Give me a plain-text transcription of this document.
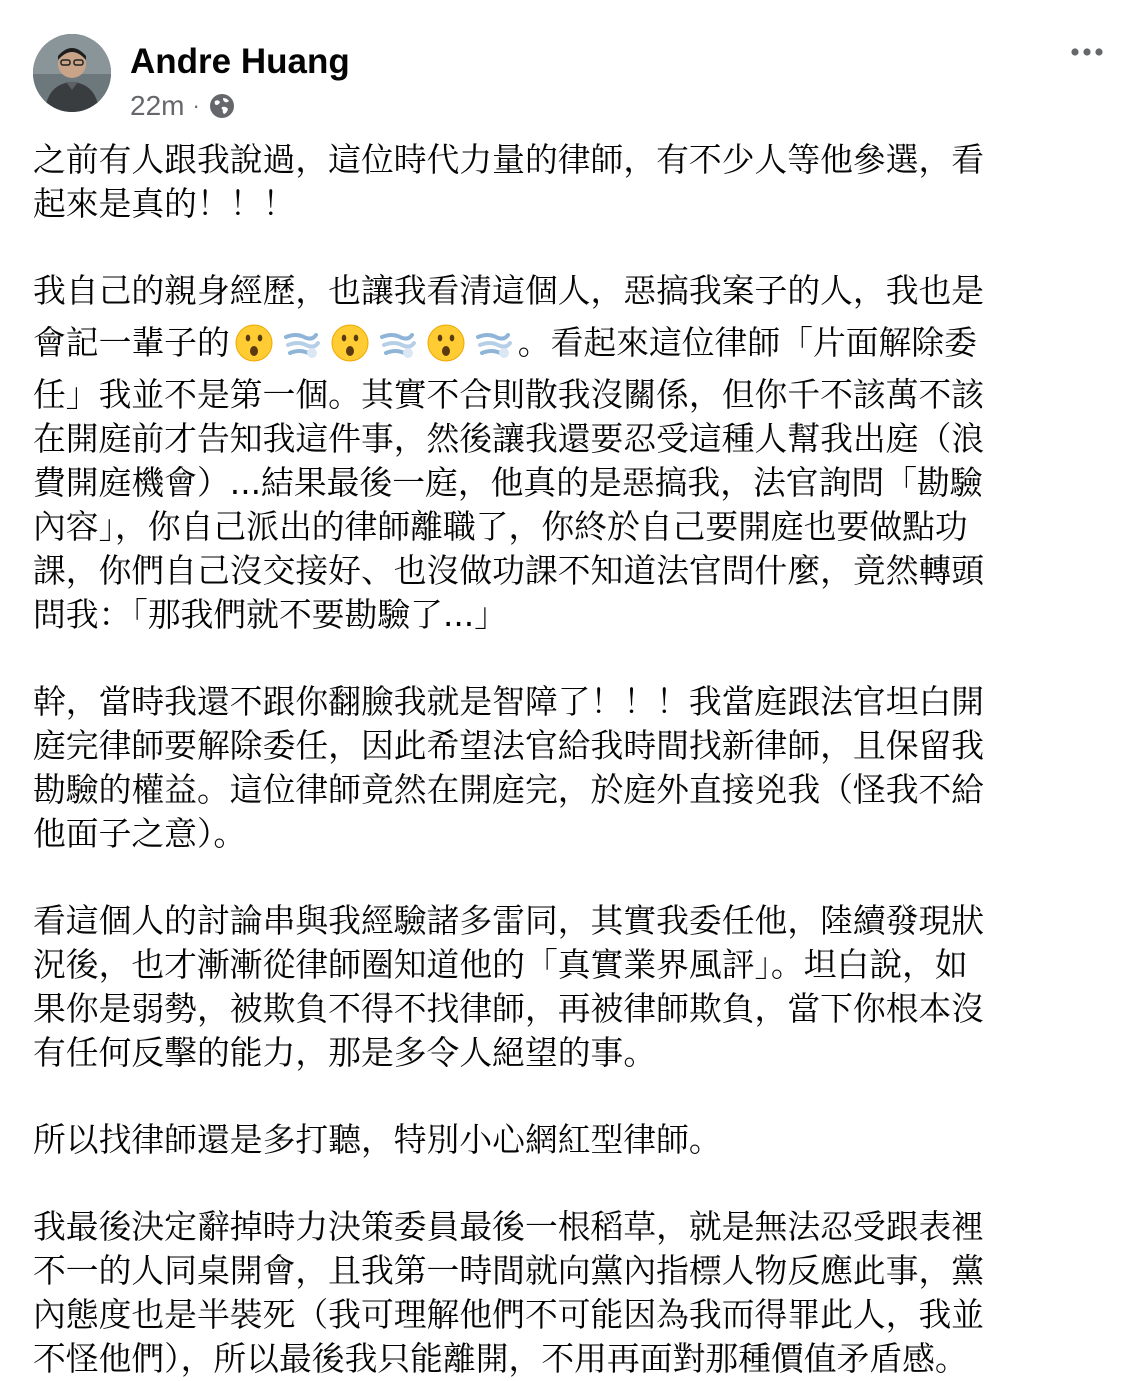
Andre Huang
22m ·
之前有人跟我說過，這位時代力量的律師，有不少人等他參選，看
起來是真的！！！
我自己的親身經歷，也讓我看清這個人，惡搞我案子的人，我也是
會記一輩子的	。看起來這位律師「片面解除委
任」我並不是第一個。其實不合則散我沒關係，但你千不該萬不該
在開庭前才告知我這件事，然後讓我還要忍受這種人幫我出庭（浪
費開庭機會）...結果最後一庭，他真的是惡搞我，法官詢問「勘驗
內容」，你自己派出的律師離職了，你終於自己要開庭也要做點功
課，你們自己沒交接好、也沒做功課不知道法官問什麼，竟然轉頭
問我：「那我們就不要勘驗了...」
幹，當時我還不跟你翻臉我就是智障了！！！我當庭跟法官坦白開
庭完律師要解除委任，因此希望法官給我時間找新律師，且保留我
勘驗的權益。這位律師竟然在開庭完，於庭外直接兇我（怪我不給
他面子之意）。
看這個人的討論串與我經驗諸多雷同，其實我委任他，陸續發現狀
況後，也才漸漸從律師圈知道他的「真實業界風評」。坦白說，如
果你是弱勢，被欺負不得不找律師，再被律師欺負，當下你根本沒
有任何反擊的能力，那是多令人絕望的事。
所以找律師還是多打聽，特別小心網紅型律師。
我最後決定辭掉時力決策委員最後一根稻草，就是無法忍受跟表裡
不一的人同桌開會，且我第一時間就向黨內指標人物反應此事，黨
內態度也是半裝死（我可理解他們不可能因為我而得罪此人，我並
不怪他們），所以最後我只能離開，不用再面對那種價值矛盾感。
